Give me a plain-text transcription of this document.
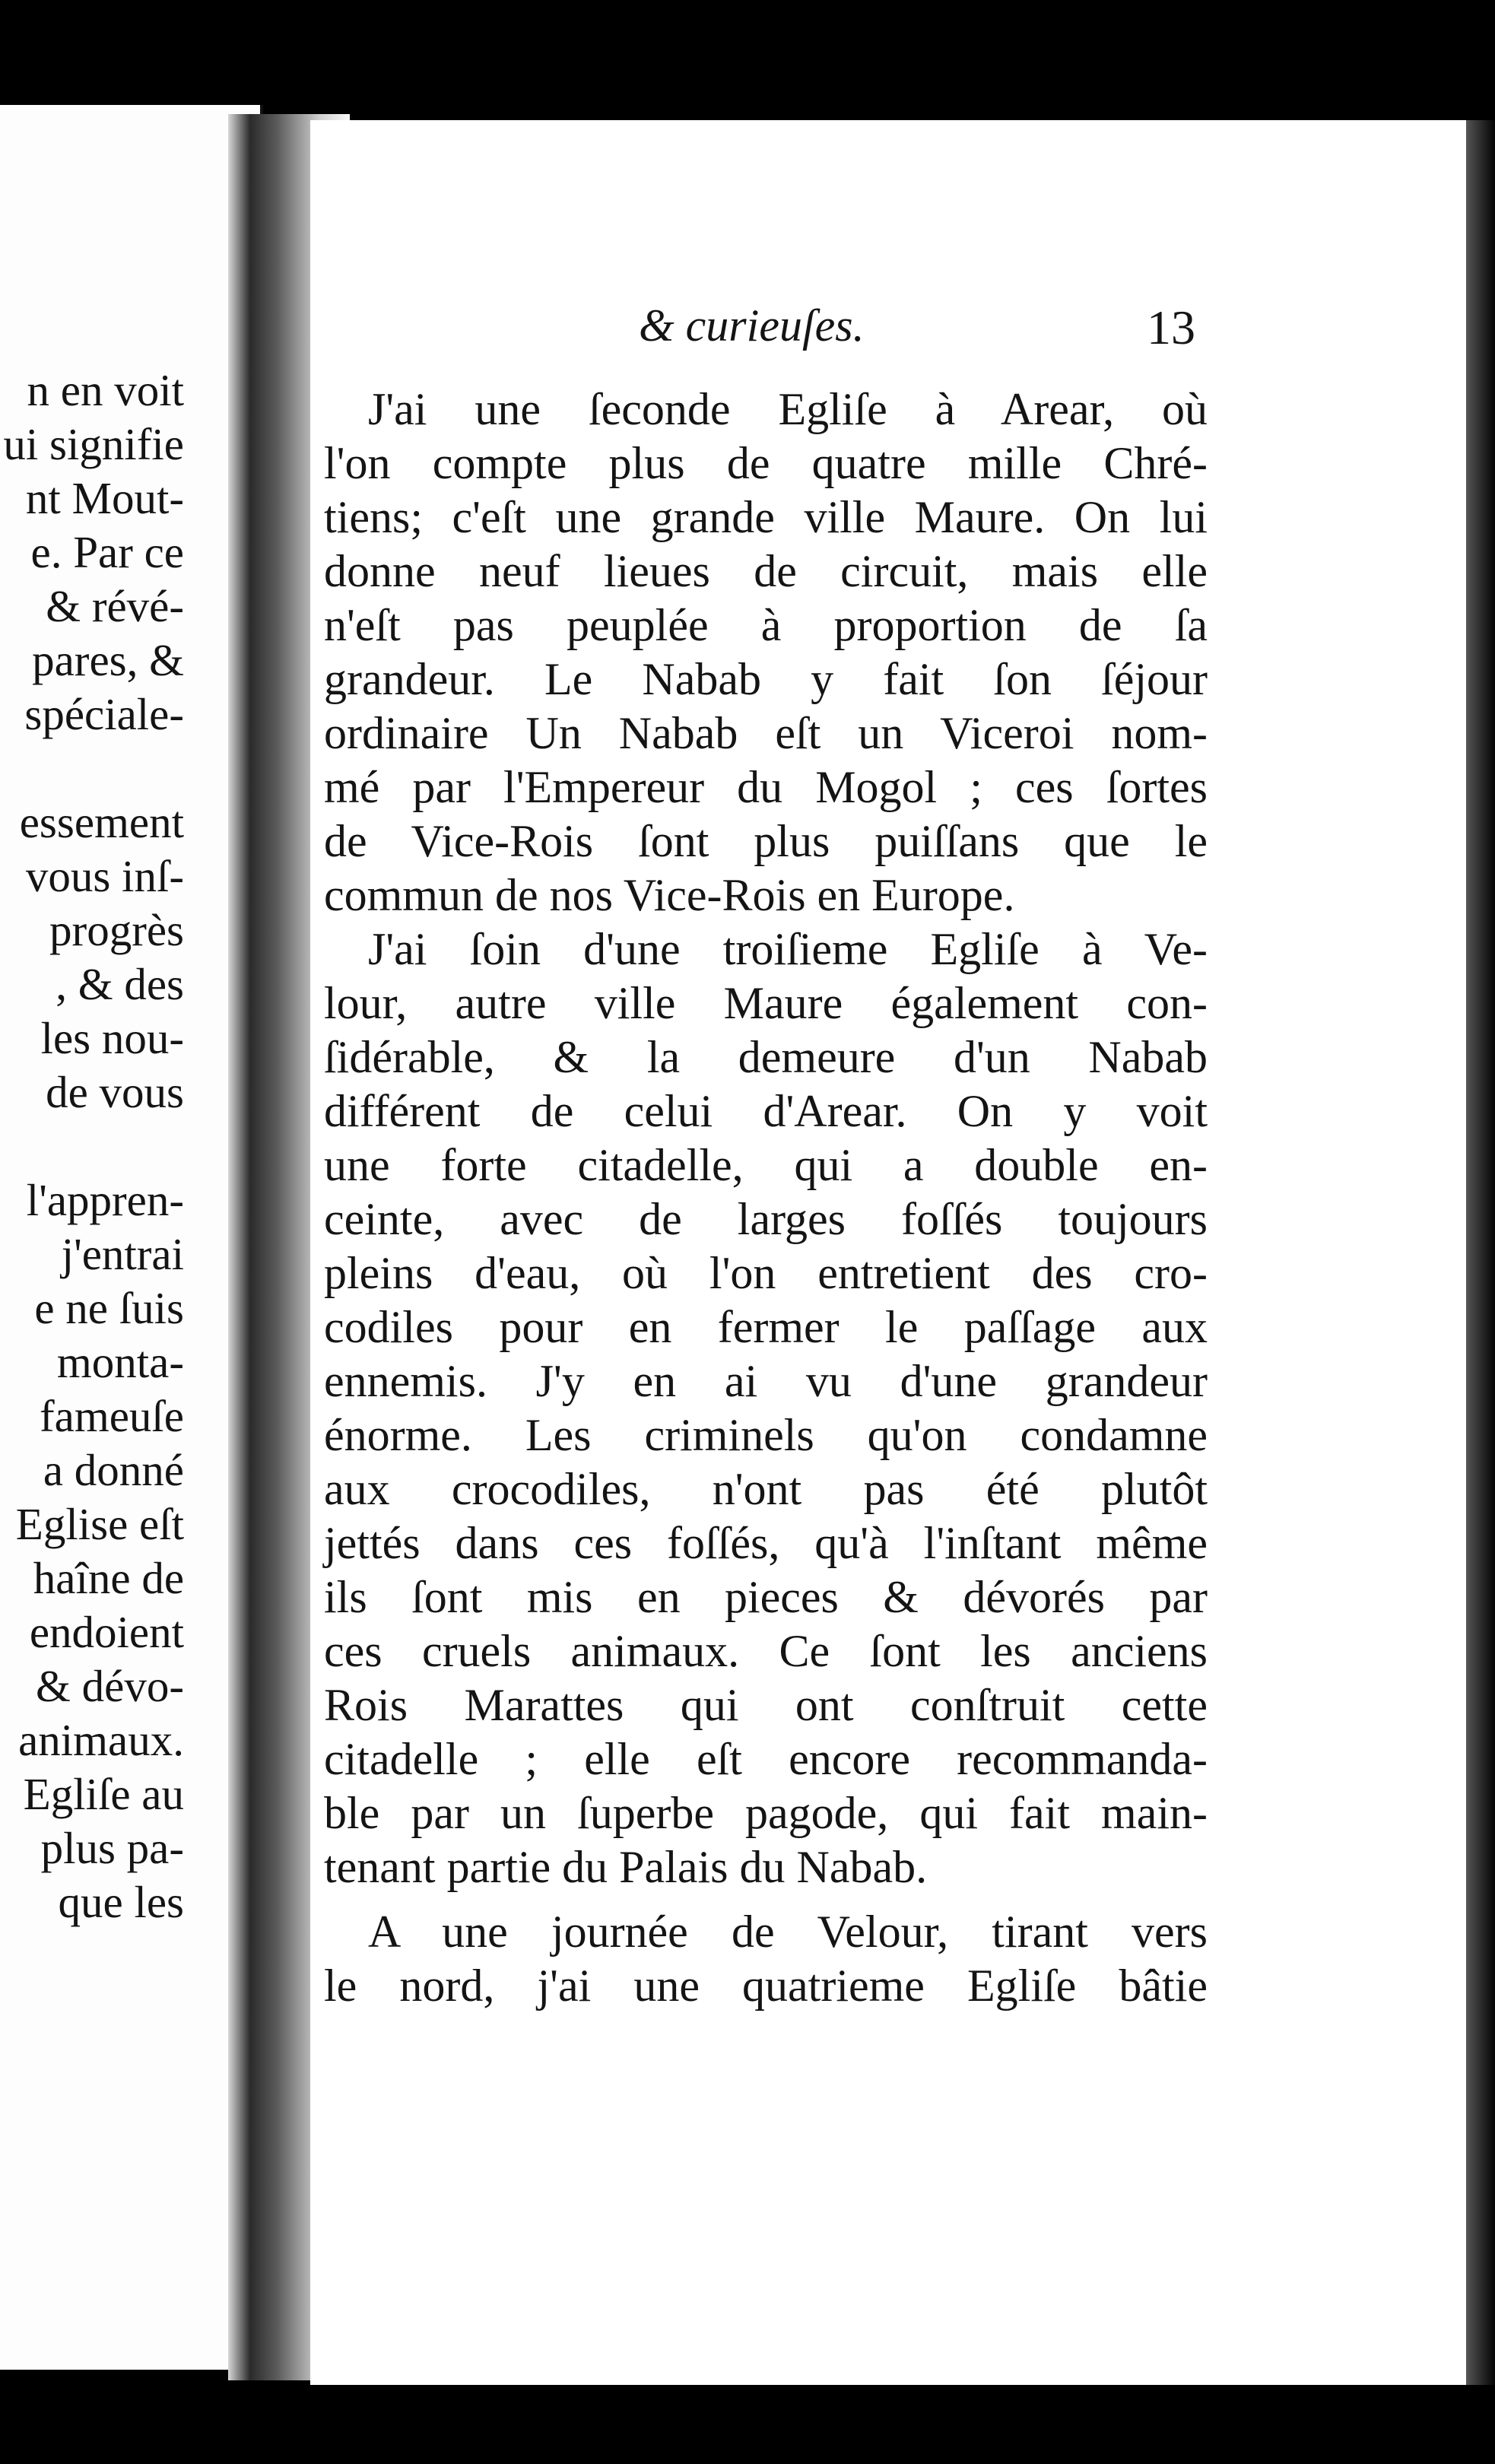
n en voit
ui signifie
nt Mout-
e. Par ce
& révé-
pares, &
spéciale-
essement
vous inſ-
progrès
, & des
les nou-
de vous
l'appren-
j'entrai
e ne ſuis
monta-
fameuſe
a donné
Eglise eſt
haîne de
endoient
& dévo-
animaux.
Egliſe au
plus pa-
que les
& curieuſes.	13
J'ai une ſeconde Egliſe à Arear, où
l'on compte plus de quatre mille Chré-
tiens; c'eſt une grande ville Maure. On lui
donne neuf lieues de circuit, mais elle
n'eſt pas peuplée à proportion de ſa
grandeur. Le Nabab y fait ſon ſéjour
ordinaire Un Nabab eſt un Viceroi nom-
mé par l'Empereur du Mogol ; ces ſortes
de Vice-Rois ſont plus puiſſans que le
commun de nos Vice-Rois en Europe.
J'ai ſoin d'une troiſieme Egliſe à Ve-
lour, autre ville Maure également con-
ſidérable, & la demeure d'un Nabab
différent de celui d'Arear. On y voit
une forte citadelle, qui a double en-
ceinte, avec de larges foſſés toujours
pleins d'eau, où l'on entretient des cro-
codiles pour en fermer le paſſage aux
ennemis. J'y en ai vu d'une grandeur
énorme. Les criminels qu'on condamne
aux crocodiles, n'ont pas été plutôt
jettés dans ces foſſés, qu'à l'inſtant même
ils ſont mis en pieces & dévorés par
ces cruels animaux. Ce ſont les anciens
Rois Marattes qui ont conſtruit cette
citadelle ; elle eſt encore recommanda-
ble par un ſuperbe pagode, qui fait main-
tenant partie du Palais du Nabab.
A une journée de Velour, tirant vers
le nord, j'ai une quatrieme Egliſe bâtie
